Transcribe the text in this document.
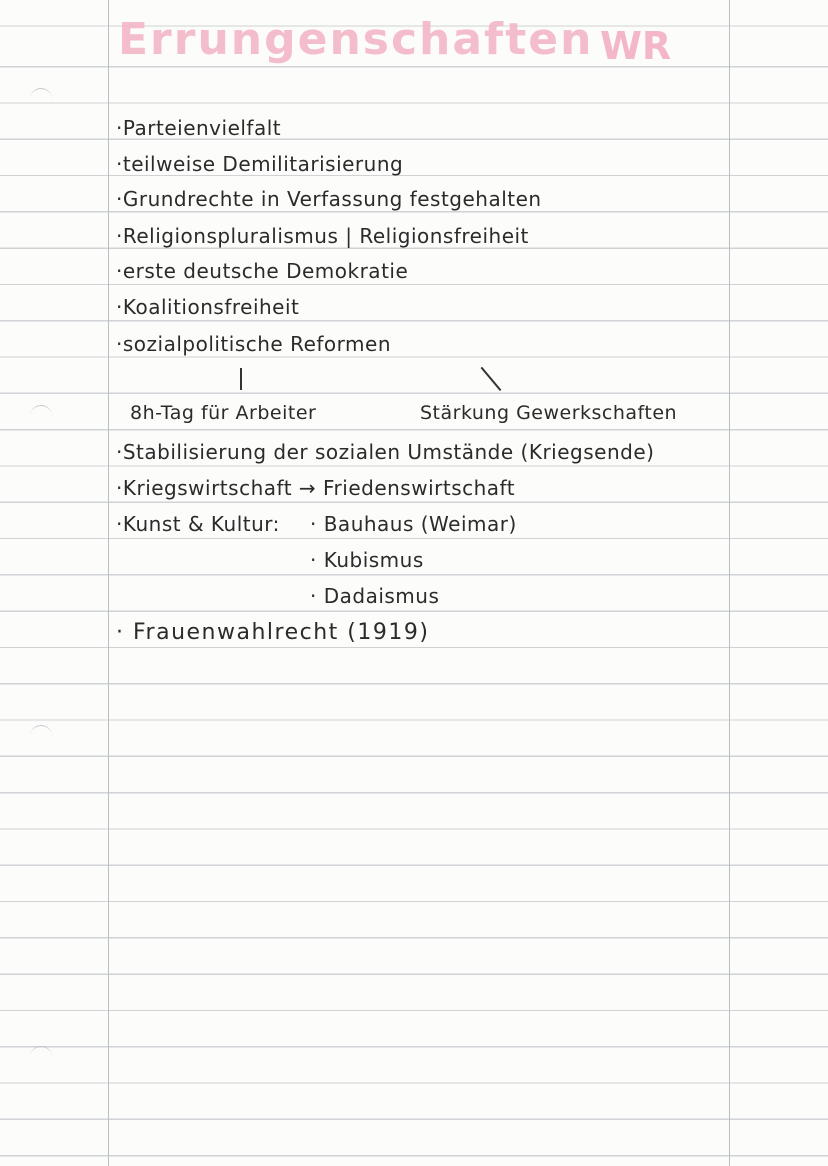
Errungenschaften WR
·Parteienvielfalt
·teilweise Demilitarisierung
·Grundrechte in Verfassung festgehalten
·Religionspluralismus | Religionsfreiheit
·erste deutsche Demokratie
·Koalitionsfreiheit
·sozialpolitische Reformen
8h-Tag für Arbeiter	Stärkung Gewerkschaften
·Stabilisierung der sozialen Umstände (Kriegsende)
·Kriegswirtschaft → Friedenswirtschaft
·Kunst & Kultur: · Bauhaus (Weimar)
· Kubismus
· Dadaismus
· Frauenwahlrecht (1919)
